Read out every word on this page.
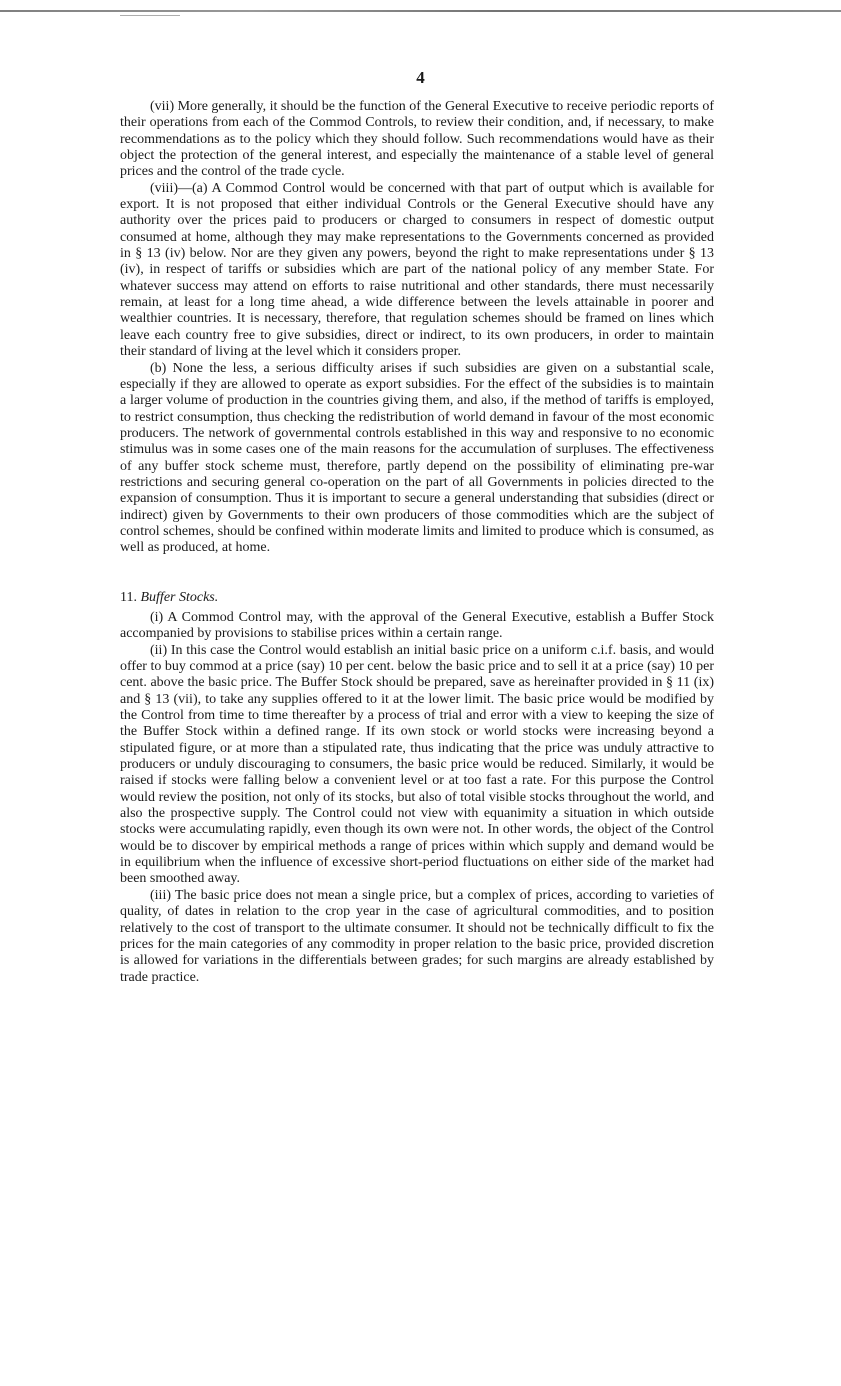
4

(vii) More generally, it should be the function of the General Executive to receive periodic reports of their operations from each of the Commod Controls, to review their condition, and, if necessary, to make recommendations as to the policy which they should follow. Such recommendations would have as their object the protection of the general interest, and especially the maintenance of a stable level of general prices and the control of the trade cycle.

(viii)—(a) A Commod Control would be concerned with that part of output which is available for export. It is not proposed that either individual Controls or the General Executive should have any authority over the prices paid to producers or charged to consumers in respect of domestic output consumed at home, although they may make representations to the Governments concerned as provided in § 13 (iv) below. Nor are they given any powers, beyond the right to make representations under § 13 (iv), in respect of tariffs or subsidies which are part of the national policy of any member State. For whatever success may attend on efforts to raise nutritional and other standards, there must necessarily remain, at least for a long time ahead, a wide difference between the levels attainable in poorer and wealthier countries. It is necessary, therefore, that regulation schemes should be framed on lines which leave each country free to give subsidies, direct or indirect, to its own producers, in order to maintain their standard of living at the level which it considers proper.

(b) None the less, a serious difficulty arises if such subsidies are given on a substantial scale, especially if they are allowed to operate as export subsidies. For the effect of the subsidies is to maintain a larger volume of production in the countries giving them, and also, if the method of tariffs is employed, to restrict consumption, thus checking the redistribution of world demand in favour of the most economic producers. The network of governmental controls established in this way and responsive to no economic stimulus was in some cases one of the main reasons for the accumulation of surpluses. The effectiveness of any buffer stock scheme must, therefore, partly depend on the possibility of eliminating pre-war restrictions and securing general co-operation on the part of all Governments in policies directed to the expansion of consumption. Thus it is important to secure a general understanding that subsidies (direct or indirect) given by Governments to their own producers of those commodities which are the subject of control schemes, should be confined within moderate limits and limited to produce which is consumed, as well as produced, at home.

11. Buffer Stocks.

(i) A Commod Control may, with the approval of the General Executive, establish a Buffer Stock accompanied by provisions to stabilise prices within a certain range.

(ii) In this case the Control would establish an initial basic price on a uniform c.i.f. basis, and would offer to buy commod at a price (say) 10 per cent. below the basic price and to sell it at a price (say) 10 per cent. above the basic price. The Buffer Stock should be prepared, save as hereinafter provided in § 11 (ix) and § 13 (vii), to take any supplies offered to it at the lower limit. The basic price would be modified by the Control from time to time thereafter by a process of trial and error with a view to keeping the size of the Buffer Stock within a defined range. If its own stock or world stocks were increasing beyond a stipulated figure, or at more than a stipulated rate, thus indicating that the price was unduly attractive to producers or unduly discouraging to consumers, the basic price would be reduced. Similarly, it would be raised if stocks were falling below a convenient level or at too fast a rate. For this purpose the Control would review the position, not only of its stocks, but also of total visible stocks throughout the world, and also the prospective supply. The Control could not view with equanimity a situation in which outside stocks were accumulating rapidly, even though its own were not. In other words, the object of the Control would be to discover by empirical methods a range of prices within which supply and demand would be in equilibrium when the influence of excessive short-period fluctuations on either side of the market had been smoothed away.

(iii) The basic price does not mean a single price, but a complex of prices, according to varieties of quality, of dates in relation to the crop year in the case of agricultural commodities, and to position relatively to the cost of transport to the ultimate consumer. It should not be technically difficult to fix the prices for the main categories of any commodity in proper relation to the basic price, provided discretion is allowed for variations in the differentials between grades; for such margins are already established by trade practice.
